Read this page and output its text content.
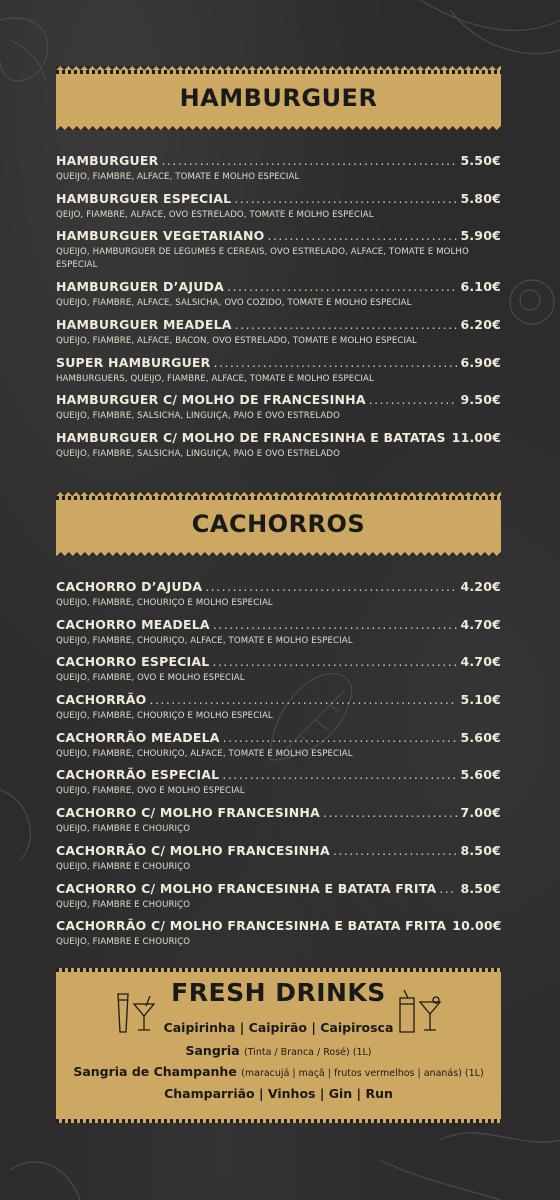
HAMBURGUER
HAMBURGUER .....	5.50€
QUEIJO, FIAMBRE, ALFACE, TOMATE E MOLHO ESPECIAL
HAMBURGUER ESPECIAL .....	5.80€
QEIJO, FIAMBRE, ALFACE, OVO ESTRELADO, TOMATE E MOLHO ESPECIAL
HAMBURGUER VEGETARIANO .....	5.90€
QUEIJO, HAMBURGUER DE LEGUMES E CEREAIS, OVO ESTRELADO, ALFACE, TOMATE E MOLHO ESPECIAL
HAMBURGUER D’AJUDA .....	6.10€
QUEIJO, FIAMBRE, ALFACE, SALSICHA, OVO COZIDO, TOMATE E MOLHO ESPECIAL
HAMBURGUER MEADELA .....	6.20€
QUEIJO, FIAMBRE, ALFACE, BACON, OVO ESTRELADO, TOMATE E MOLHO ESPECIAL
SUPER HAMBURGUER .....	6.90€
HAMBURGUERS, QUEIJO, FIAMBRE, ALFACE, TOMATE E MOLHO ESPECIAL
HAMBURGUER C/ MOLHO DE FRANCESINHA .....	9.50€
QUEIJO, FIAMBRE, SALSICHA, LINGUIÇA, PAIO E OVO ESTRELADO
HAMBURGUER C/ MOLHO DE FRANCESINHA E BATATAS 11.00€
QUEIJO, FIAMBRE, SALSICHA, LINGUIÇA, PAIO E OVO ESTRELADO
CACHORROS
CACHORRO D’AJUDA .....	4.20€
QUEIJO, FIAMBRE, CHOURIÇO E MOLHO ESPECIAL
CACHORRO MEADELA .....	4.70€
QUEIJO, FIAMBRE, CHOURIÇO, ALFACE, TOMATE E MOLHO ESPECIAL
CACHORRO ESPECIAL .....	4.70€
QUEIJO, FIAMBRE, OVO E MOLHO ESPECIAL
CACHORRÃO .....	5.10€
QUEIJO, FIAMBRE, CHOURIÇO E MOLHO ESPECIAL
CACHORRÃO MEADELA .....	5.60€
QUEIJO, FIAMBRE, CHOURIÇO, ALFACE, TOMATE E MOLHO ESPECIAL
CACHORRÃO ESPECIAL .....	5.60€
QUEIJO, FIAMBRE, OVO E MOLHO ESPECIAL
CACHORRO C/ MOLHO FRANCESINHA .....	7.00€
QUEIJO, FIAMBRE E CHOURIÇO
CACHORRÃO C/ MOLHO FRANCESINHA .....	8.50€
QUEIJO, FIAMBRE E CHOURIÇO
CACHORRO C/ MOLHO FRANCESINHA E BATATA FRITA ..... 8.50€
QUEIJO, FIAMBRE E CHOURIÇO
CACHORRÃO C/ MOLHO FRANCESINHA E BATATA FRITA 10.00€
QUEIJO, FIAMBRE E CHOURIÇO
FRESH DRINKS
Caipirinha | Caipirão | Caipirosca
Sangria (Tinta / Branca / Rosé) (1L)
Sangria de Champanhe (maracujá | maçã | frutos vermelhos | ananás) (1L)
Champarrião | Vinhos | Gin | Run
